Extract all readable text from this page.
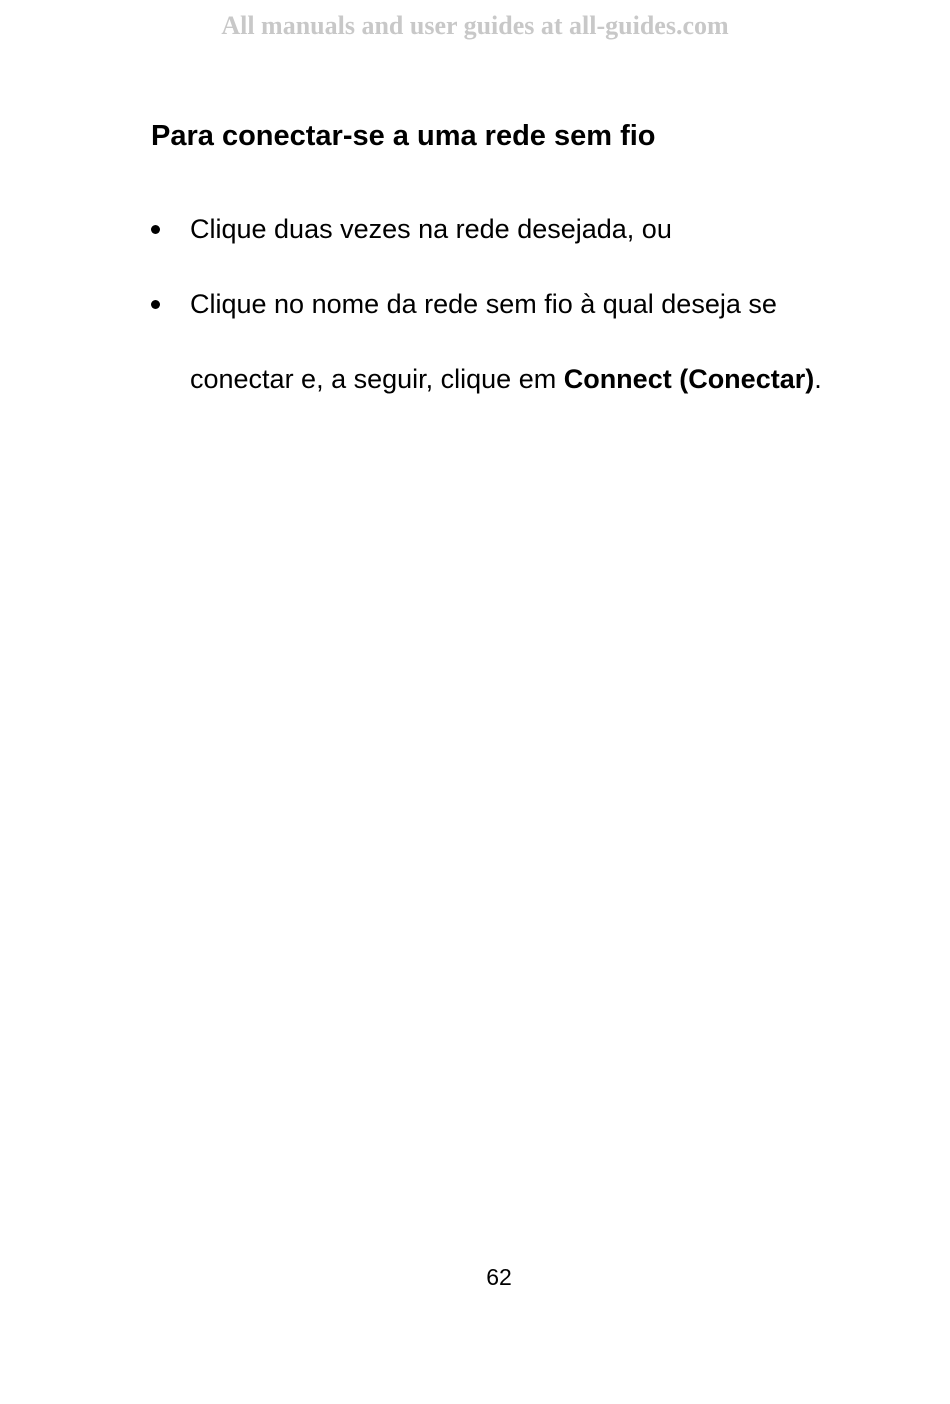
All manuals and user guides at all-guides.com
Para conectar-se a uma rede sem fio
Clique duas vezes na rede desejada, ou
Clique no nome da rede sem fio à qual deseja se conectar e, a seguir, clique em Connect (Conectar).
62
